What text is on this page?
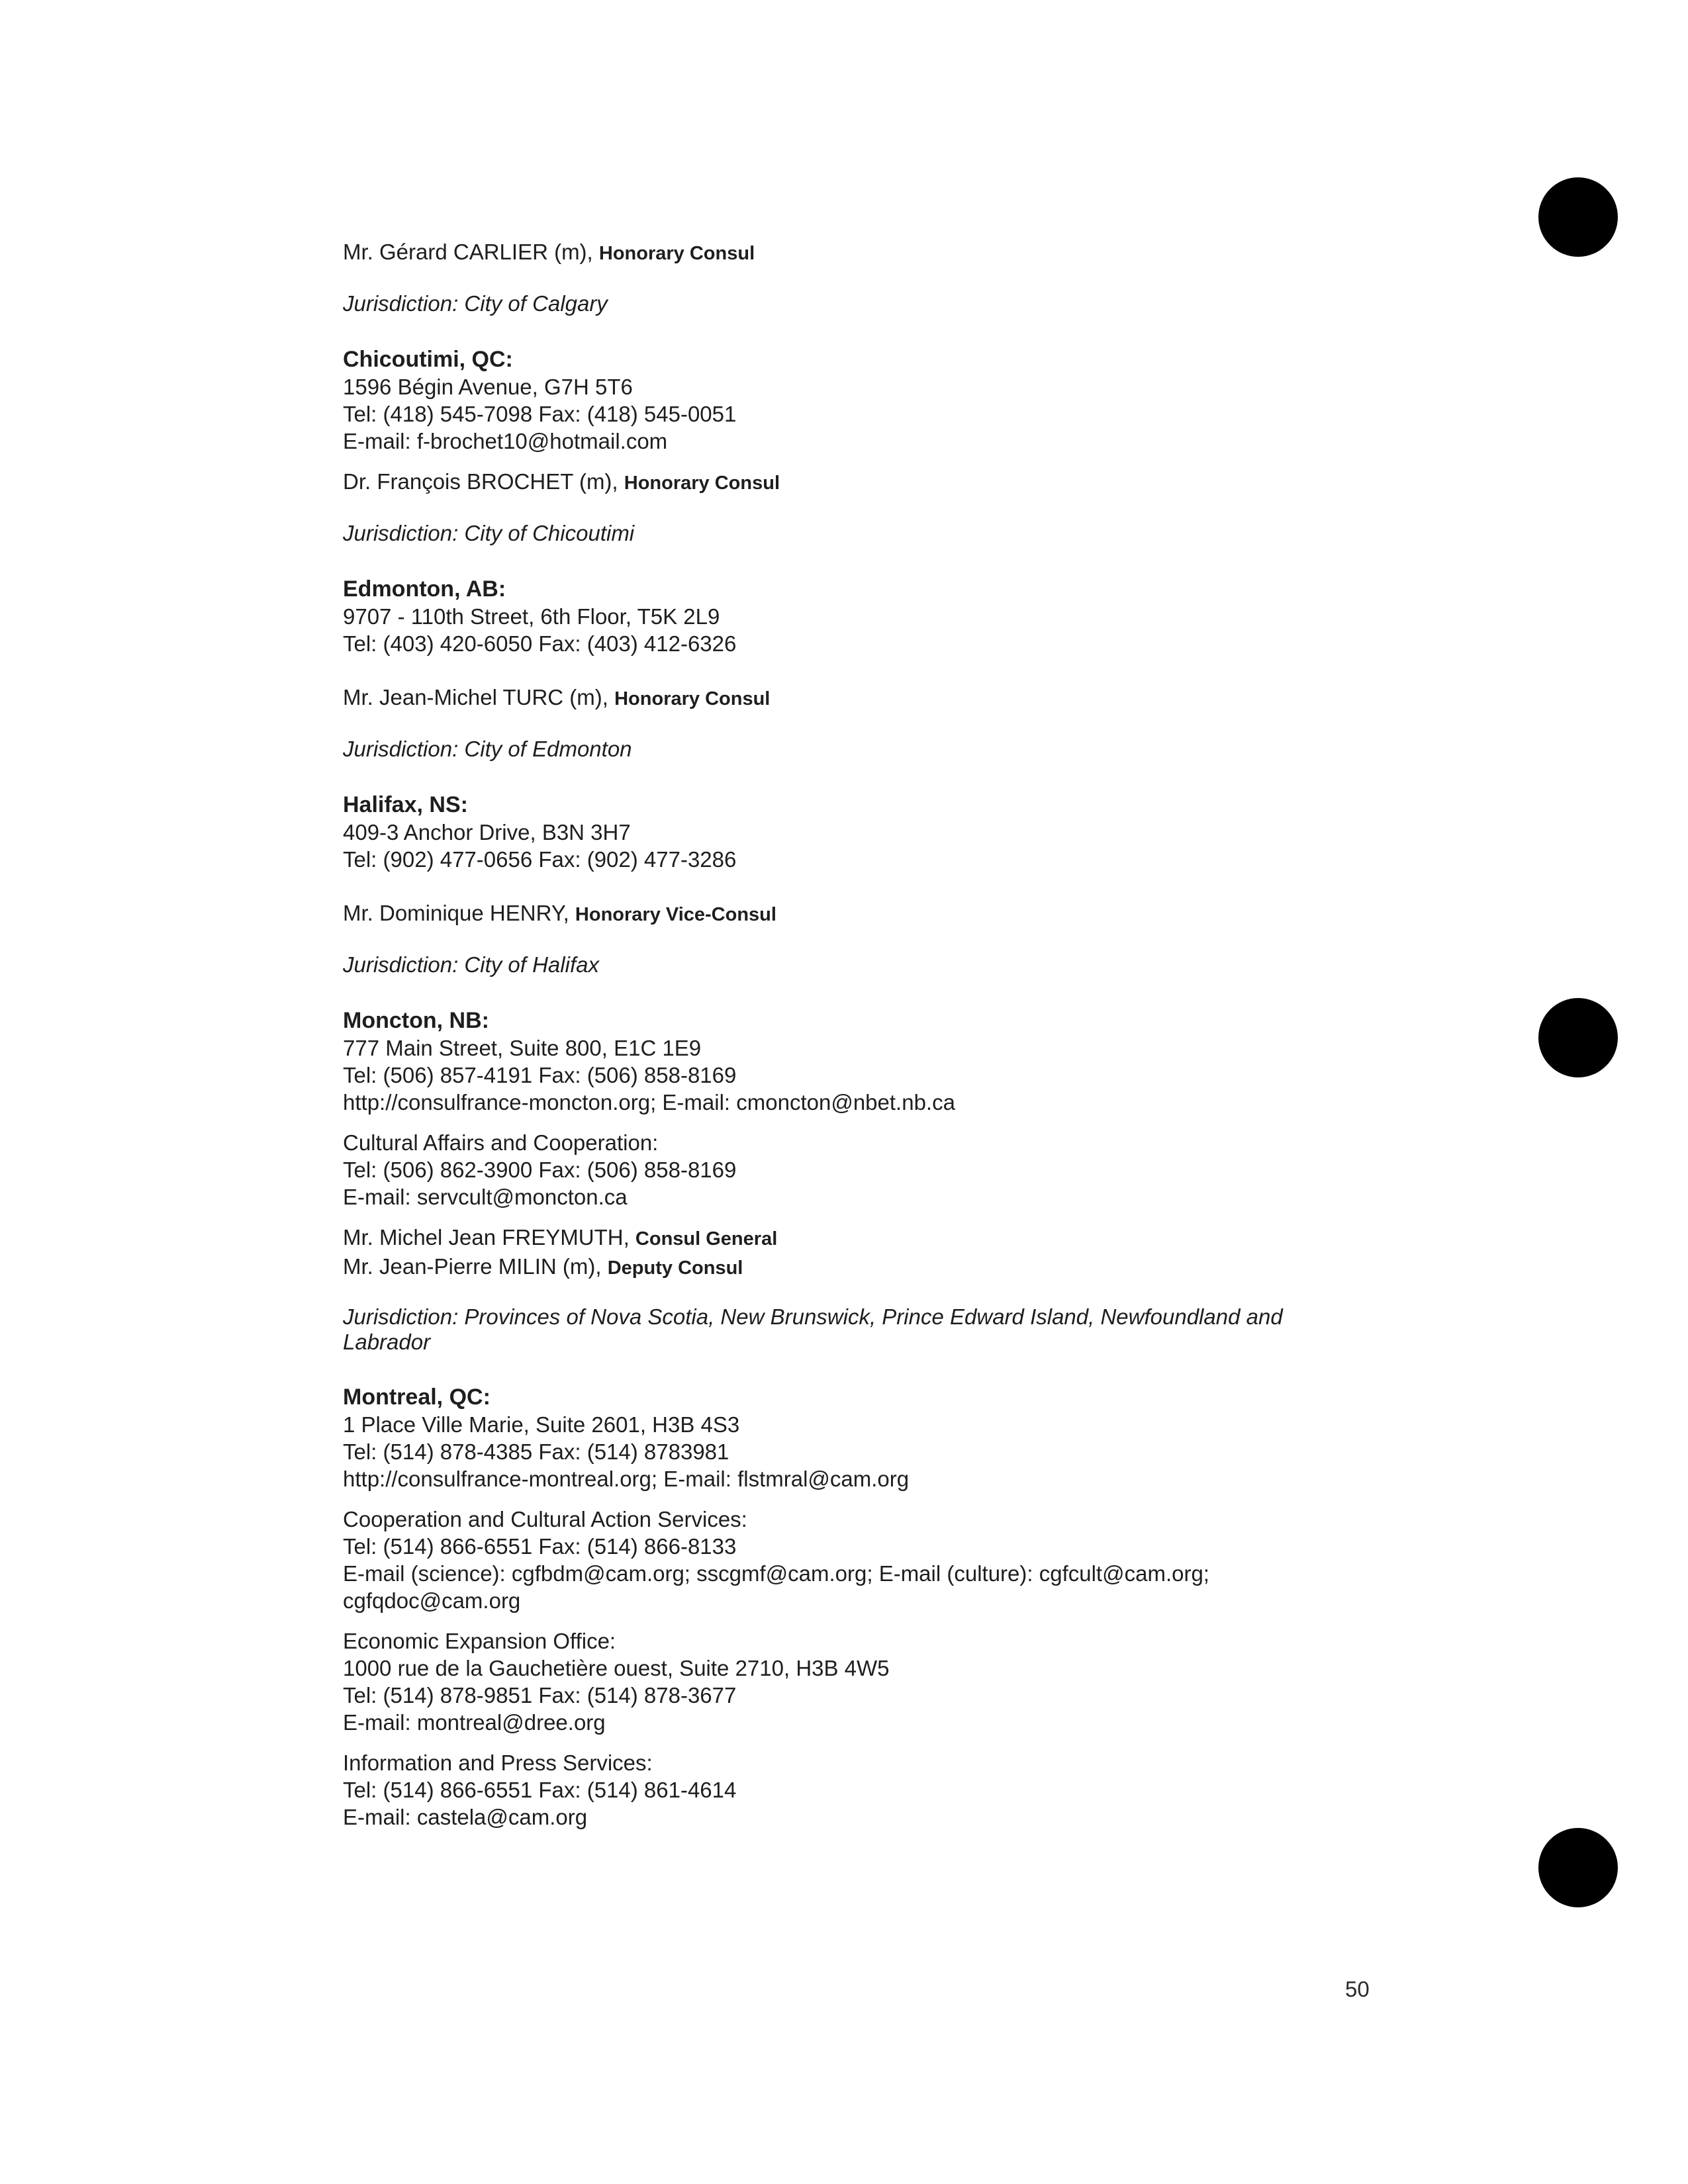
Mr. Gérard CARLIER (m), Honorary Consul
Jurisdiction: City of Calgary
Chicoutimi, QC:
1596 Bégin Avenue, G7H 5T6
Tel: (418) 545-7098 Fax: (418) 545-0051
E-mail: f-brochet10@hotmail.com
Dr. François BROCHET (m), Honorary Consul
Jurisdiction: City of Chicoutimi
Edmonton, AB:
9707 - 110th Street, 6th Floor, T5K 2L9
Tel: (403) 420-6050 Fax: (403) 412-6326
Mr. Jean-Michel TURC (m), Honorary Consul
Jurisdiction: City of Edmonton
Halifax, NS:
409-3 Anchor Drive, B3N 3H7
Tel: (902) 477-0656 Fax: (902) 477-3286
Mr. Dominique HENRY, Honorary Vice-Consul
Jurisdiction: City of Halifax
Moncton, NB:
777 Main Street, Suite 800, E1C 1E9
Tel: (506) 857-4191 Fax: (506) 858-8169
http://consulfrance-moncton.org; E-mail: cmoncton@nbet.nb.ca
Cultural Affairs and Cooperation:
Tel: (506) 862-3900 Fax: (506) 858-8169
E-mail: servcult@moncton.ca
Mr. Michel Jean FREYMUTH, Consul General
Mr. Jean-Pierre MILIN (m), Deputy Consul
Jurisdiction: Provinces of Nova Scotia, New Brunswick, Prince Edward Island, Newfoundland and Labrador
Montreal, QC:
1 Place Ville Marie, Suite 2601, H3B 4S3
Tel: (514) 878-4385 Fax: (514) 8783981
http://consulfrance-montreal.org; E-mail: flstmral@cam.org
Cooperation and Cultural Action Services:
Tel: (514) 866-6551 Fax: (514) 866-8133
E-mail (science): cgfbdm@cam.org; sscgmf@cam.org; E-mail (culture): cgfcult@cam.org;
cgfqdoc@cam.org
Economic Expansion Office:
1000 rue de la Gauchetière ouest, Suite 2710, H3B 4W5
Tel: (514) 878-9851 Fax: (514) 878-3677
E-mail: montreal@dree.org
Information and Press Services:
Tel: (514) 866-6551 Fax: (514) 861-4614
E-mail: castela@cam.org
50
